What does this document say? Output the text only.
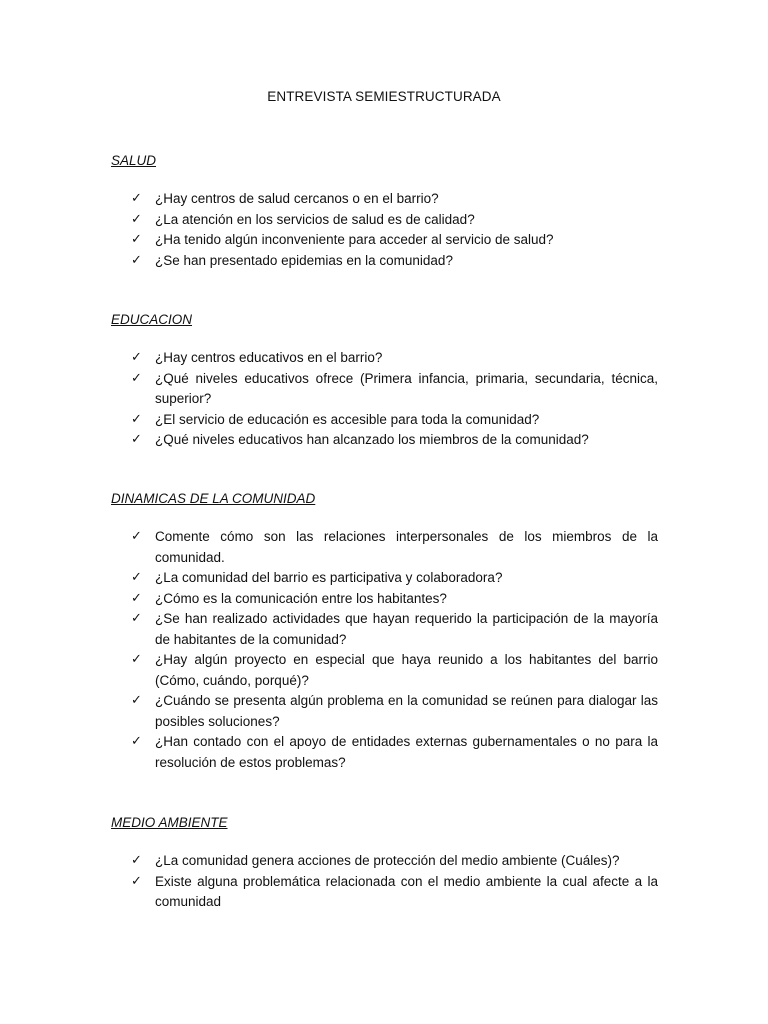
ENTREVISTA SEMIESTRUCTURADA
SALUD
✓ ¿Hay centros de salud cercanos o en el barrio?
✓ ¿La atención en los servicios de salud es de calidad?
✓ ¿Ha tenido algún inconveniente para acceder al servicio de salud?
✓ ¿Se han presentado epidemias en la comunidad?
EDUCACION
✓ ¿Hay centros educativos en el barrio?
✓ ¿Qué niveles educativos ofrece (Primera infancia, primaria, secundaria, técnica, superior?
✓ ¿El servicio de educación es accesible para toda la comunidad?
✓ ¿Qué niveles educativos han alcanzado los miembros de la comunidad?
DINAMICAS DE LA COMUNIDAD
✓ Comente cómo son las relaciones interpersonales de los miembros de la comunidad.
✓ ¿La comunidad del barrio es participativa y colaboradora?
✓ ¿Cómo es la comunicación entre los habitantes?
✓ ¿Se han realizado actividades que hayan requerido la participación de la mayoría de habitantes de la comunidad?
✓ ¿Hay algún proyecto en especial que haya reunido a los habitantes del barrio (Cómo, cuándo, porqué)?
✓ ¿Cuándo se presenta algún problema en la comunidad se reúnen para dialogar las posibles soluciones?
✓ ¿Han contado con el apoyo de entidades externas gubernamentales o no para la resolución de estos problemas?
MEDIO AMBIENTE
✓ ¿La comunidad genera acciones de protección del medio ambiente (Cuáles)?
✓ Existe alguna problemática relacionada con el medio ambiente la cual afecte a la comunidad
